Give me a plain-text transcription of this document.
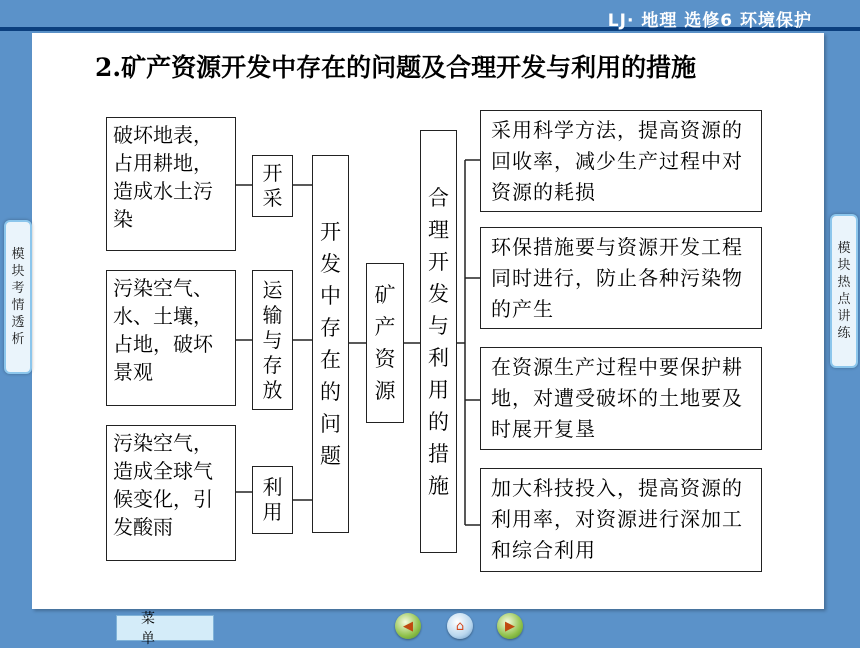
LJ· 地理 选修6 环境保护
2.矿产资源开发中存在的问题及合理开发与利用的措施
破坏地表，占用耕地，造成水土污染
污染空气、水、土壤，占地，破坏景观
污染空气，造成全球气候变化，引发酸雨
开采
运输与存放
利用
开发中存在的问题
矿产资源
合理开发与利用的措施
采用科学方法，提高资源的回收率，减少生产过程中对资源的耗损
环保措施要与资源开发工程同时进行，防止各种污染物的产生
在资源生产过程中要保护耕地，对遭受破坏的土地要及时展开复垦
加大科技投入，提高资源的利用率，对资源进行深加工和综合利用
模块考情透析
模块热点讲练
菜单
◀	⌂	▶
